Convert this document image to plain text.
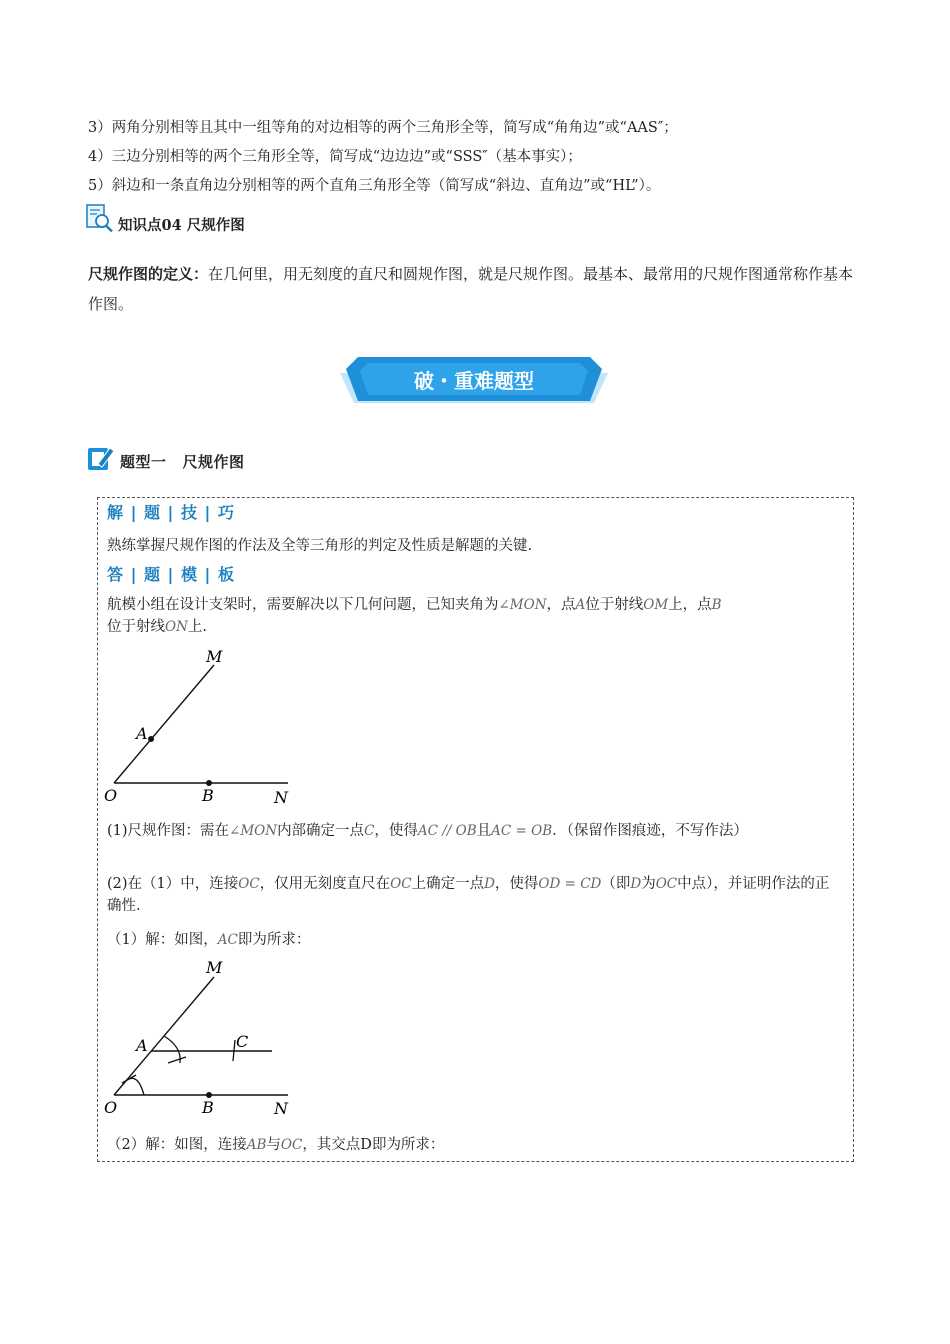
3）两角分别相等且其中一组等角的对边相等的两个三角形全等，简写成“角角边”或“AAS″；
4）三边分别相等的两个三角形全等，简写成“边边边”或“SSS″（基本事实）；
5）斜边和一条直角边分别相等的两个直角三角形全等（简写成“斜边、直角边”或“HL”）。
知识点04 尺规作图
尺规作图的定义：在几何里，用无刻度的直尺和圆规作图，就是尺规作图。最基本、最常用的尺规作图通常称作基本作图。
破・重难题型
题型一 尺规作图
解 | 题 | 技 | 巧
熟练掌握尺规作图的作法及全等三角形的判定及性质是解题的关键.
答 | 题 | 模 | 板
航模小组在设计支架时，需要解决以下几何问题，已知夹角为∠MON，点A位于射线OM上，点B
位于射线ON上.
M
A
O	B	N
(1)尺规作图：需在∠MON内部确定一点C，使得AC // OB且AC = OB．（保留作图痕迹，不写作法）
(2)在（1）中，连接OC，仅用无刻度直尺在OC上确定一点D，使得OD = CD（即D为OC中点），并证明作法的正确性.
（1）解：如图，AC即为所求：
M
A	C
O	B	N
（2）解：如图，连接AB与OC，其交点D即为所求：
